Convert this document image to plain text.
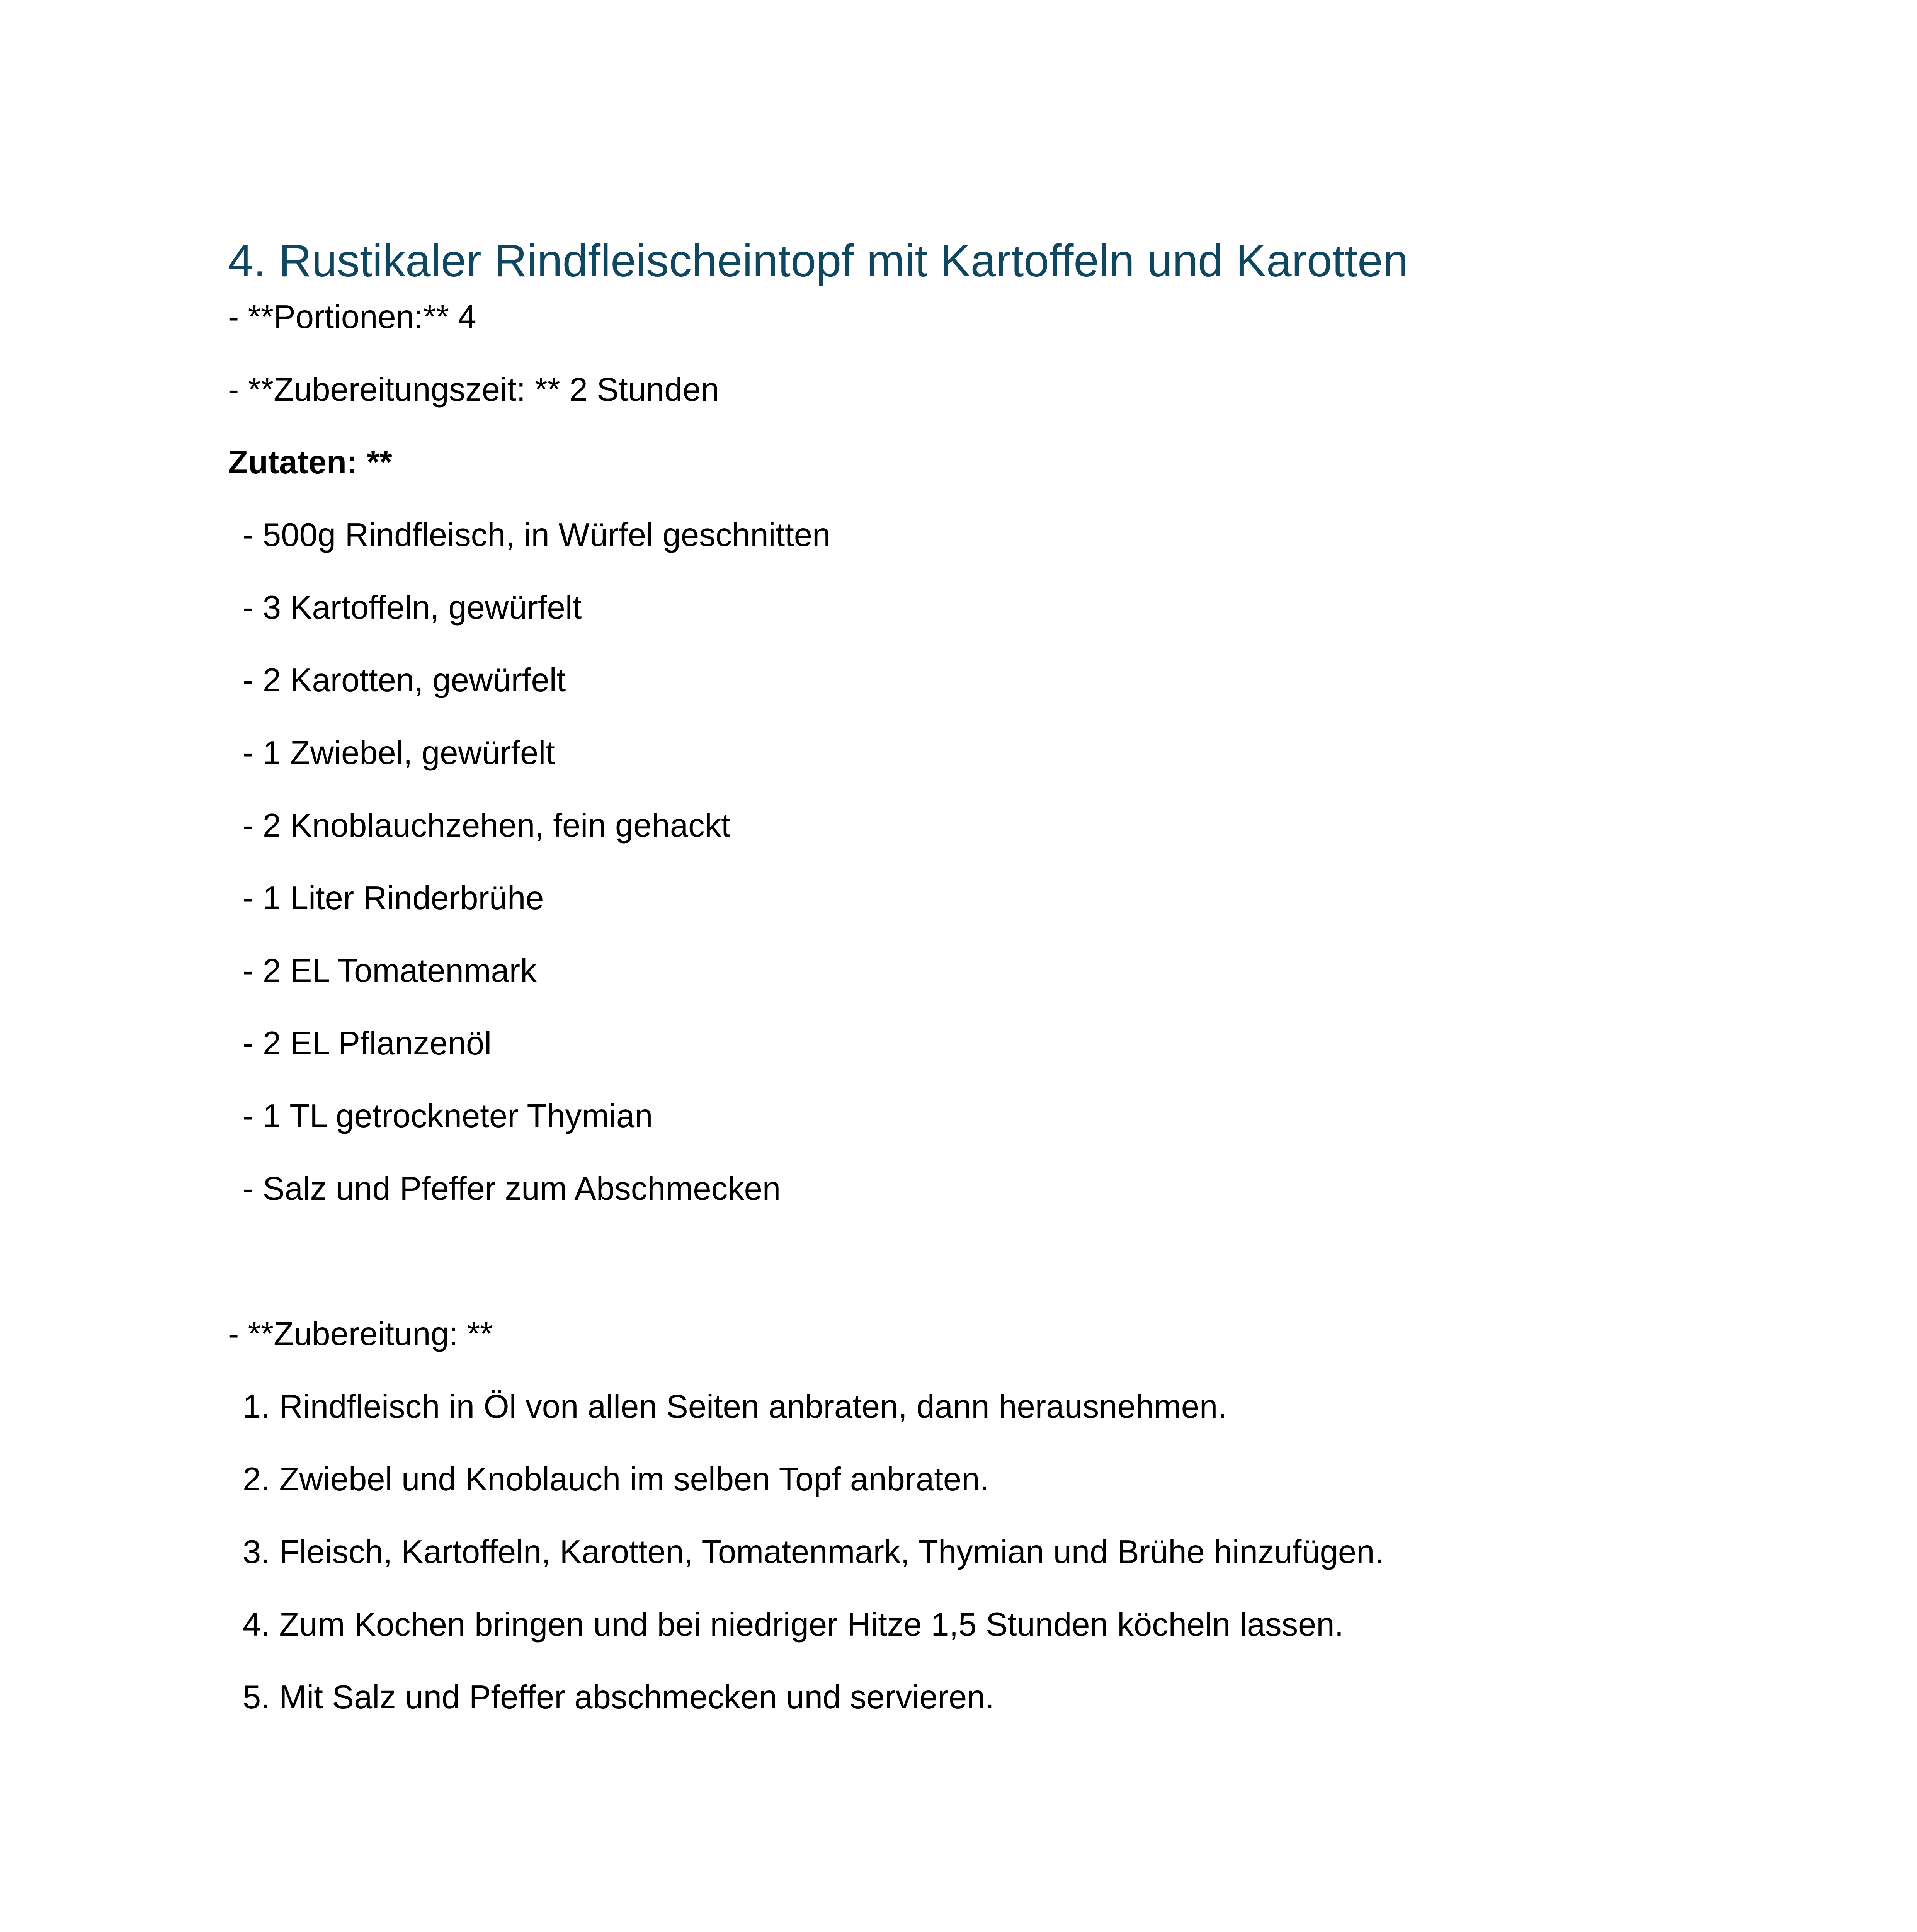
4. Rustikaler Rindfleischeintopf mit Kartoffeln und Karotten

- **Portionen:** 4

- **Zubereitungszeit: ** 2 Stunden

Zutaten: **

- 500g Rindfleisch, in Würfel geschnitten

- 3 Kartoffeln, gewürfelt

- 2 Karotten, gewürfelt

- 1 Zwiebel, gewürfelt

- 2 Knoblauchzehen, fein gehackt

- 1 Liter Rinderbrühe

- 2 EL Tomatenmark

- 2 EL Pflanzenöl

- 1 TL getrockneter Thymian

- Salz und Pfeffer zum Abschmecken

- **Zubereitung: **

1. Rindfleisch in Öl von allen Seiten anbraten, dann herausnehmen.

2. Zwiebel und Knoblauch im selben Topf anbraten.

3. Fleisch, Kartoffeln, Karotten, Tomatenmark, Thymian und Brühe hinzufügen.

4. Zum Kochen bringen und bei niedriger Hitze 1,5 Stunden köcheln lassen.

5. Mit Salz und Pfeffer abschmecken und servieren.
